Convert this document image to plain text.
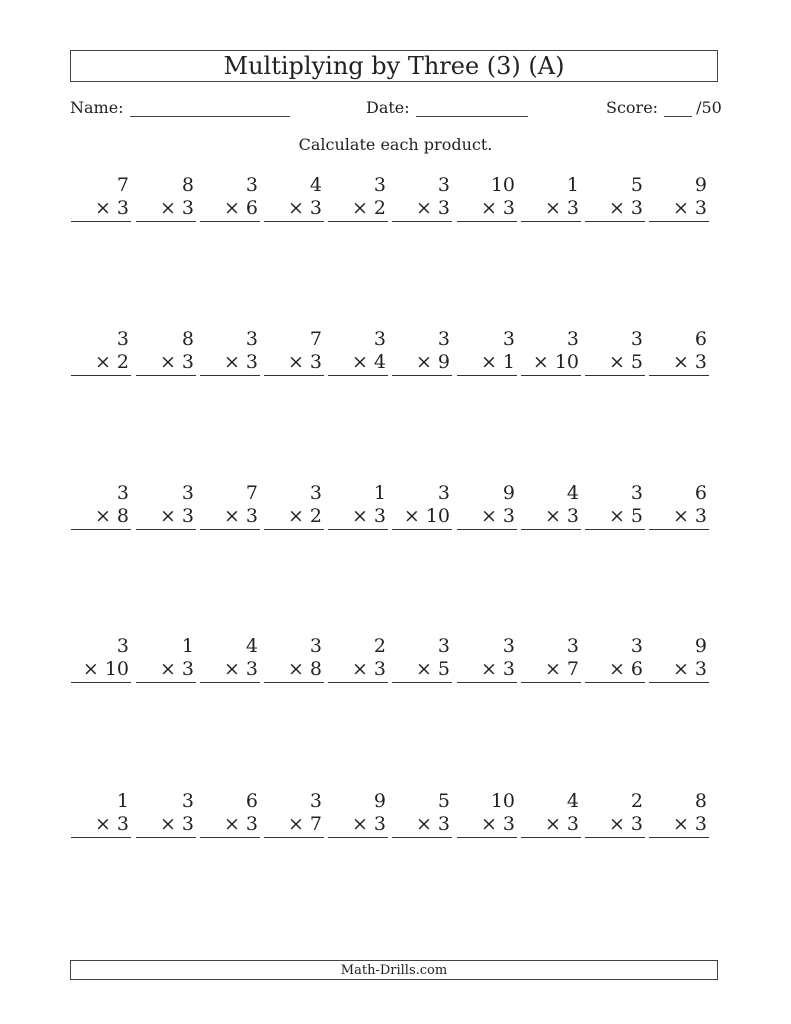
Multiplying by Three (3) (A)
Name:	Date:	Score: /50
Calculate each product.
7
× 3
8
× 3
3
× 6
4
× 3
3
× 2
3
× 3
10
× 3
1
× 3
5
× 3
9
× 3
3
× 2
8
× 3
3
× 3
7
× 3
3
× 4
3
× 9
3
× 1
3
× 10
3
× 5
6
× 3
3
× 8
3
× 3
7
× 3
3
× 2
1
× 3
3
× 10
9
× 3
4
× 3
3
× 5
6
× 3
3
× 10
1
× 3
4
× 3
3
× 8
2
× 3
3
× 5
3
× 3
3
× 7
3
× 6
9
× 3
1
× 3
3
× 3
6
× 3
3
× 7
9
× 3
5
× 3
10
× 3
4
× 3
2
× 3
8
× 3
Math-Drills.com
